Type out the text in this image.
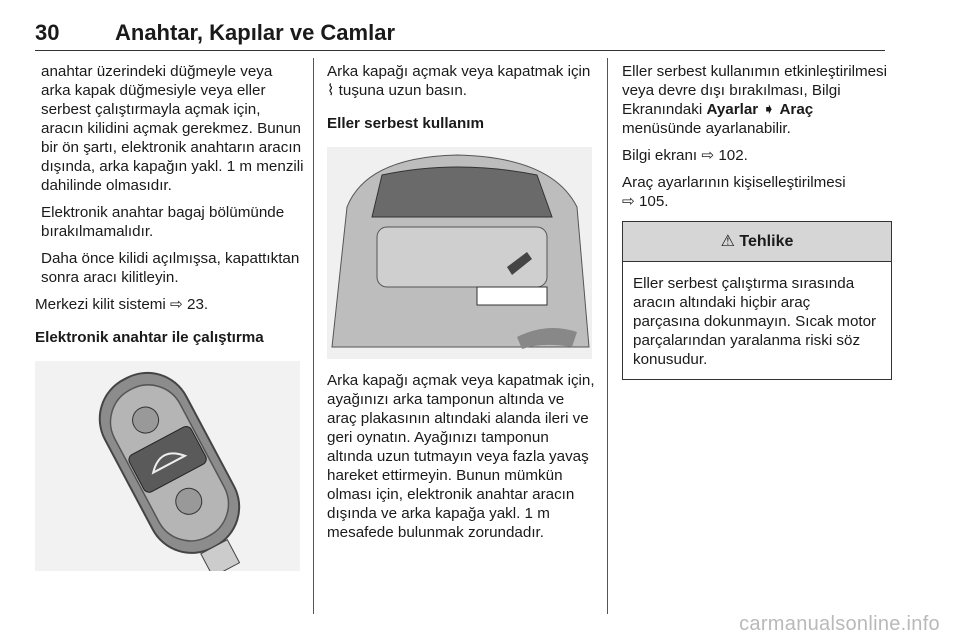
30	Anahtar, Kapılar ve Camlar

anahtar üzerindeki düğmeyle veya arka kapak düğmesiyle veya eller serbest çalıştırmayla açmak için, aracın kilidini açmak gerekmez. Bunun bir ön şartı, elektronik anahtarın aracın dışında, arka kapağın yakl. 1 m menzili dahilinde olmasıdır.

Elektronik anahtar bagaj bölümünde bırakılmamalıdır.

Daha önce kilidi açılmışsa, kapattıktan sonra aracı kilitleyin.

Merkezi kilit sistemi ⇨ 23.

Elektronik anahtar ile çalıştırma

Arka kapağı açmak veya kapatmak için ⌇ tuşuna uzun basın.

Eller serbest kullanım

Arka kapağı açmak veya kapatmak için, ayağınızı arka tamponun altında ve araç plakasının altındaki alanda ileri ve geri oynatın. Ayağınızı tamponun altında uzun tutmayın veya fazla yavaş hareket ettirmeyin. Bunun mümkün olması için, elektronik anahtar aracın dışında ve arka kapağa yakl. 1 m mesafede bulunmak zorundadır.

Eller serbest kullanımın etkinleştirilmesi veya devre dışı bırakılması, Bilgi Ekranındaki Ayarlar ➧ Araç menüsünde ayarlanabilir.

Bilgi ekranı ⇨ 102.

Araç ayarlarının kişiselleştirilmesi
⇨ 105.

⚠ Tehlike
Eller serbest çalıştırma sırasında aracın altındaki hiçbir araç parçasına dokunmayın. Sıcak motor parçalarından yaralanma riski söz konusudur.
carmanualsonline.info
